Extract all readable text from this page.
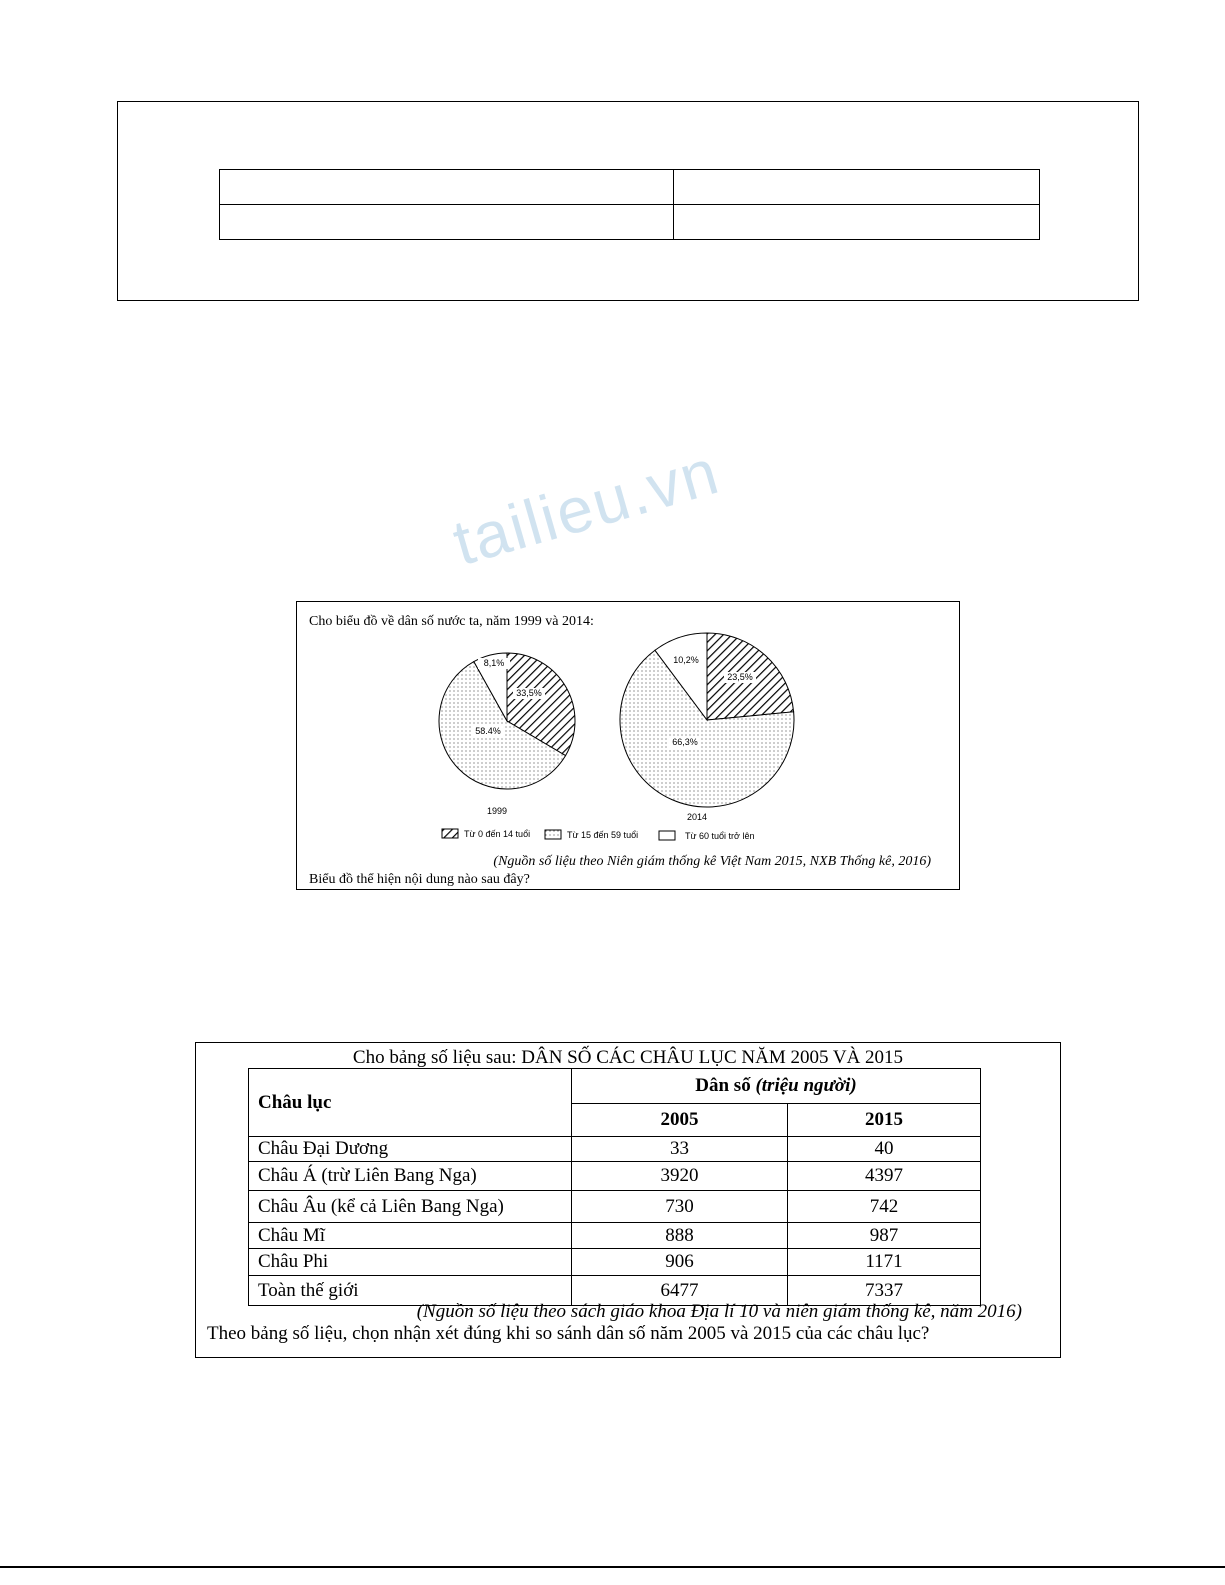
tailieu.vn
33,5%
58.4%
8,1%
1999
23,5%
66,3%
10,2%
2014
Từ 0 đến 14 tuổi	Từ 15 đến 59 tuổi	Từ 60 tuổi trở lên
Cho biểu đồ về dân số nước ta, năm 1999 và 2014:
(Nguồn số liệu theo Niên giám thống kê Việt Nam 2015, NXB Thống kê, 2016)
Biểu đồ thể hiện nội dung nào sau đây?
Cho bảng số liệu sau: DÂN SỐ CÁC CHÂU LỤC NĂM 2005 VÀ 2015
Châu lục	Dân số (triệu người)	
	2005	2015
Châu Đại Dương	33	40
Châu Á (trừ Liên Bang Nga)	3920	4397
Châu Âu (kể cả Liên Bang Nga)	730	742
Châu Mĩ	888	987
Châu Phi	906	1171
Toàn thế giới	6477	7337
(Nguồn số liệu theo sách giáo khoa Địa lí 10 và niên giám thống kê, năm 2016)
Theo bảng số liệu, chọn nhận xét đúng khi so sánh dân số năm 2005 và 2015 của các châu lục?
